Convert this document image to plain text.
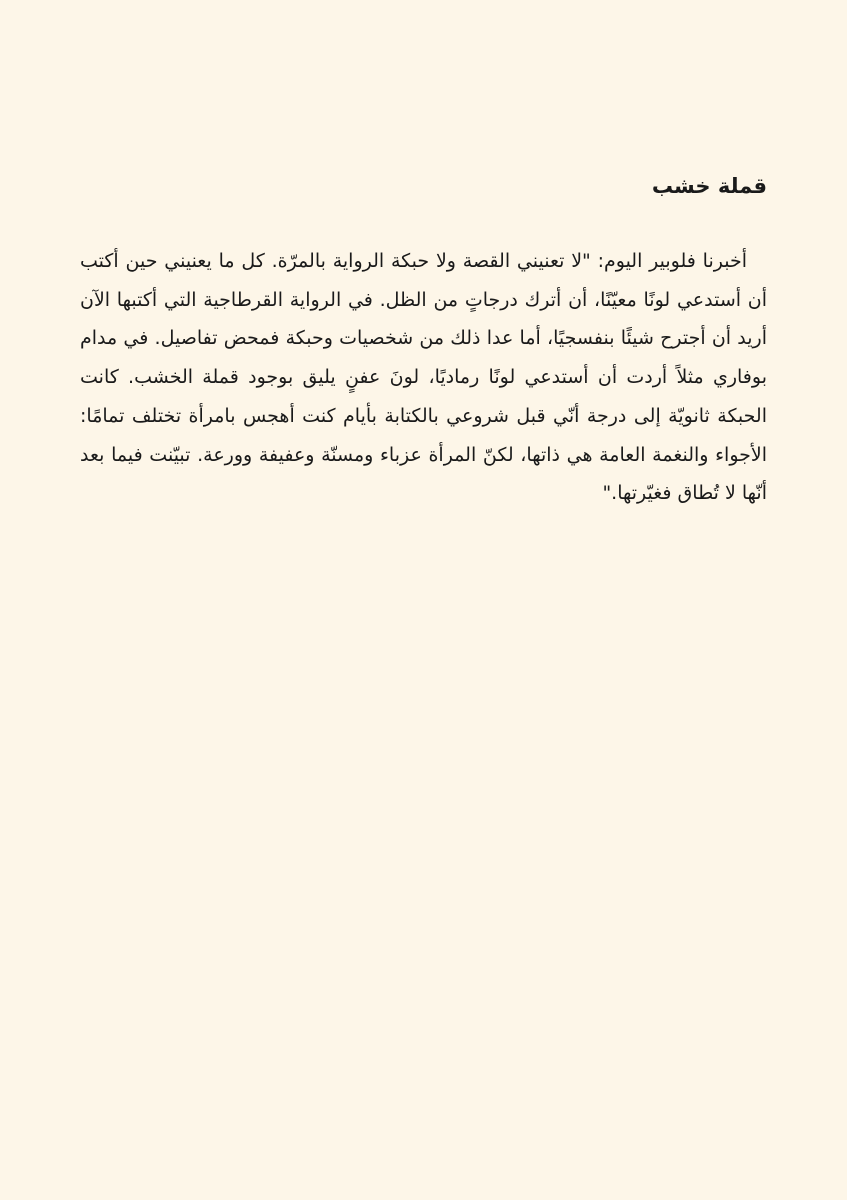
قملة خشب

أخبرنا فلوبير اليوم: "لا تعنيني القصة ولا حبكة الرواية بالمرّة. كل ما يعنيني حين أكتب أن أستدعي لونًا معيّنًا، أن أترك درجاتٍ من الظل. في الرواية القرطاجية التي أكتبها الآن أريد أن أجترح شيئًا بنفسجيًا، أما عدا ذلك من شخصيات وحبكة فمحض تفاصيل. في مدام بوفاري مثلاً أردت أن أستدعي لونًا رماديًا، لونَ عفنٍ يليق بوجود قملة الخشب. كانت الحبكة ثانويّة إلى درجة أنّي قبل شروعي بالكتابة بأيام كنت أهجس بامرأة تختلف تمامًا: الأجواء والنغمة العامة هي ذاتها، لكنّ المرأة عزباء ومسنّة وعفيفة وورعة. تبيّنت فيما بعد أنّها لا تُطاق فغيّرتها."
